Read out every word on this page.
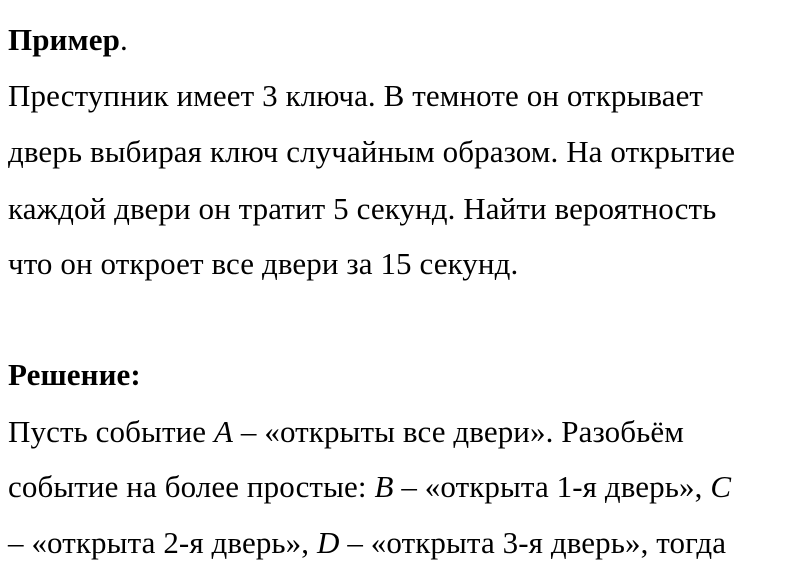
Пример.
Преступник имеет 3 ключа. В темноте он открывает
дверь выбирая ключ случайным образом. На открытие
каждой двери он тратит 5 секунд. Найти вероятность
что он откроет все двери за 15 секунд.
Решение:
Пусть событие A – «открыты все двери». Разобьём
событие на более простые: B – «открыта 1-я дверь», C
– «открыта 2-я дверь», D – «открыта 3-я дверь», тогда
